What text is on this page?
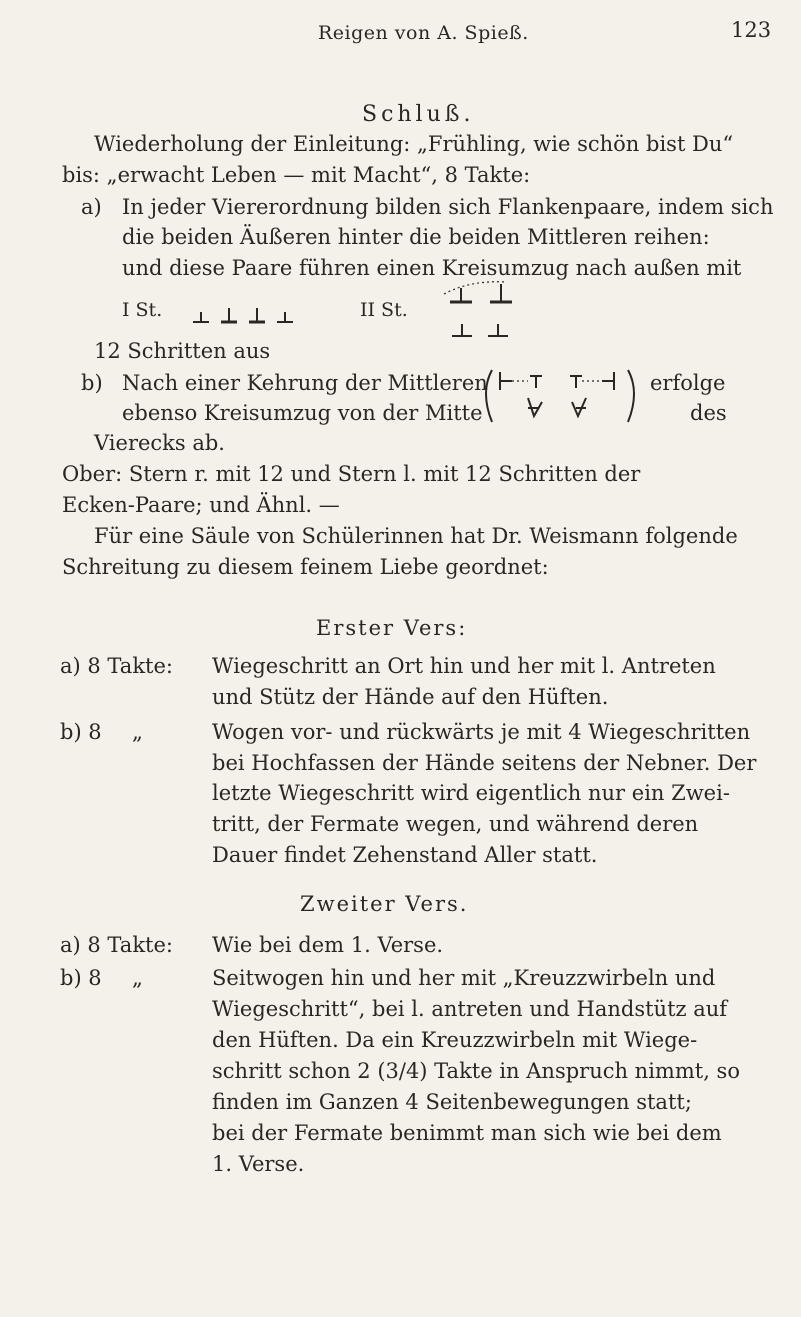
Reigen von A. Spieß.	123
Schluß.
Wiederholung der Einleitung: „Frühling, wie schön bist Du“
bis: „erwacht Leben — mit Macht“, 8 Takte:
a) In jeder Viererordnung bilden sich Flankenpaare, indem sich
die beiden Äußeren hinter die beiden Mittleren reihen:
und diese Paare führen einen Kreisumzug nach außen mit
I St.	II St.
12 Schritten aus
b) Nach einer Kehrung der Mittleren
ebenso Kreisumzug von der Mitte
Vierecks ab.
erfolge
des
Ober: Stern r. mit 12 und Stern l. mit 12 Schritten der
Ecken-Paare; und Ähnl. —
Für eine Säule von Schülerinnen hat Dr. Weismann folgende
Schreitung zu diesem feinem Liebe geordnet:
Erster Vers:
a) 8 Takte: Wiegeschritt an Ort hin und her mit l. Antreten
und Stütz der Hände auf den Hüften.
b) 8 „	Wogen vor- und rückwärts je mit 4 Wiegeschritten
bei Hochfassen der Hände seitens der Nebner. Der
letzte Wiegeschritt wird eigentlich nur ein Zwei-
tritt, der Fermate wegen, und während deren
Dauer findet Zehenstand Aller statt.
Zweiter Vers.
a) 8 Takte: Wie bei dem 1. Verse.
b) 8 „	Seitwogen hin und her mit „Kreuzzwirbeln und
Wiegeschritt“, bei l. antreten und Handstütz auf
den Hüften. Da ein Kreuzzwirbeln mit Wiege-
schritt schon 2 (3/4) Takte in Anspruch nimmt, so
finden im Ganzen 4 Seitenbewegungen statt;
bei der Fermate benimmt man sich wie bei dem
1. Verse.
